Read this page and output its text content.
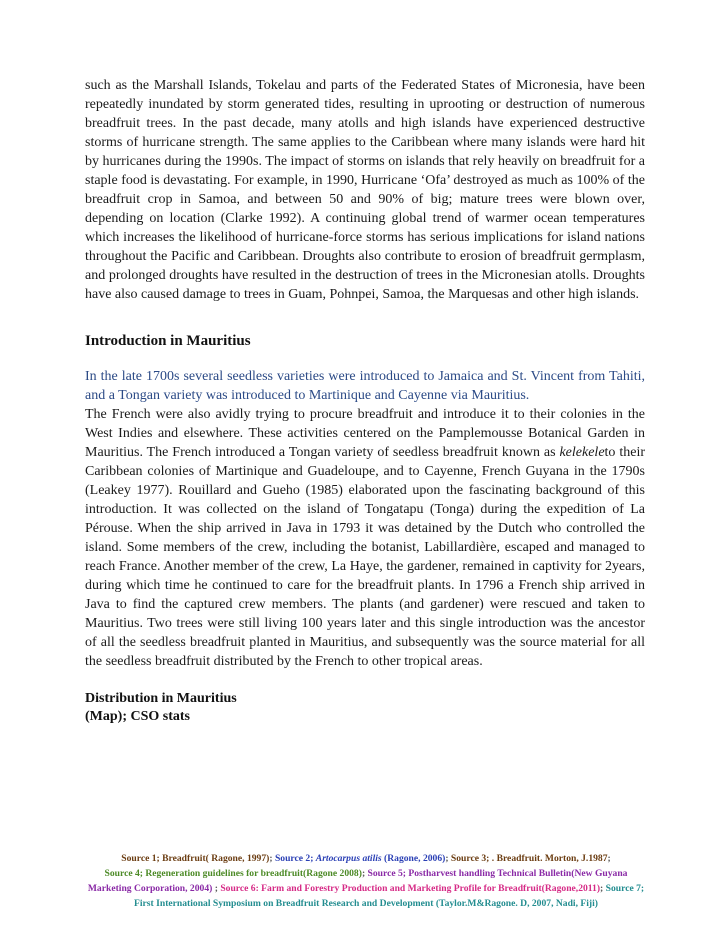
such as the Marshall Islands, Tokelau and parts of the Federated States of Micronesia, have been repeatedly inundated by storm generated tides, resulting in uprooting or destruction of numerous breadfruit trees. In the past decade, many atolls and high islands have experienced destructive storms of hurricane strength. The same applies to the Caribbean where many islands were hard hit by hurricanes during the 1990s. The impact of storms on islands that rely heavily on breadfruit for a staple food is devastating. For example, in 1990, Hurricane ‘Ofa’ destroyed as much as 100% of the breadfruit crop in Samoa, and between 50 and 90% of big; mature trees were blown over, depending on location (Clarke 1992). A continuing global trend of warmer ocean temperatures which increases the likelihood of hurricane-force storms has serious implications for island nations throughout the Pacific and Caribbean. Droughts also contribute to erosion of breadfruit germplasm, and prolonged droughts have resulted in the destruction of trees in the Micronesian atolls. Droughts have also caused damage to trees in Guam, Pohnpei, Samoa, the Marquesas and other high islands.

Introduction in Mauritius

In the late 1700s several seedless varieties were introduced to Jamaica and St. Vincent from Tahiti, and a Tongan variety was introduced to Martinique and Cayenne via Mauritius.
The French were also avidly trying to procure breadfruit and introduce it to their colonies in the West Indies and elsewhere. These activities centered on the Pamplemousse Botanical Garden in Mauritius. The French introduced a Tongan variety of seedless breadfruit known as kelekeleto their Caribbean colonies of Martinique and Guadeloupe, and to Cayenne, French Guyana in the 1790s (Leakey 1977). Rouillard and Gueho (1985) elaborated upon the fascinating background of this introduction. It was collected on the island of Tongatapu (Tonga) during the expedition of La Pérouse. When the ship arrived in Java in 1793 it was detained by the Dutch who controlled the island. Some members of the crew, including the botanist, Labillardière, escaped and managed to reach France. Another member of the crew, La Haye, the gardener, remained in captivity for 2years, during which time he continued to care for the breadfruit plants. In 1796 a French ship arrived in Java to find the captured crew members. The plants (and gardener) were rescued and taken to Mauritius. Two trees were still living 100 years later and this single introduction was the ancestor of all the seedless breadfruit planted in Mauritius, and subsequently was the source material for all the seedless breadfruit distributed by the French to other tropical areas.

Distribution in Mauritius

(Map); CSO stats

Source 1; Breadfruit( Ragone, 1997); Source 2; Artocarpus atilis (Ragone, 2006); Source 3; . Breadfruit. Morton, J.1987;
Source 4; Regeneration guidelines for breadfruit(Ragone 2008); Source 5; Postharvest handling Technical Bulletin(New Guyana Marketing Corporation, 2004) ; Source 6: Farm and Forestry Production and Marketing Profile for Breadfruit(Ragone,2011); Source 7; First International Symposium on Breadfruit Research and Development (Taylor.M&Ragone. D, 2007, Nadi, Fiji)
